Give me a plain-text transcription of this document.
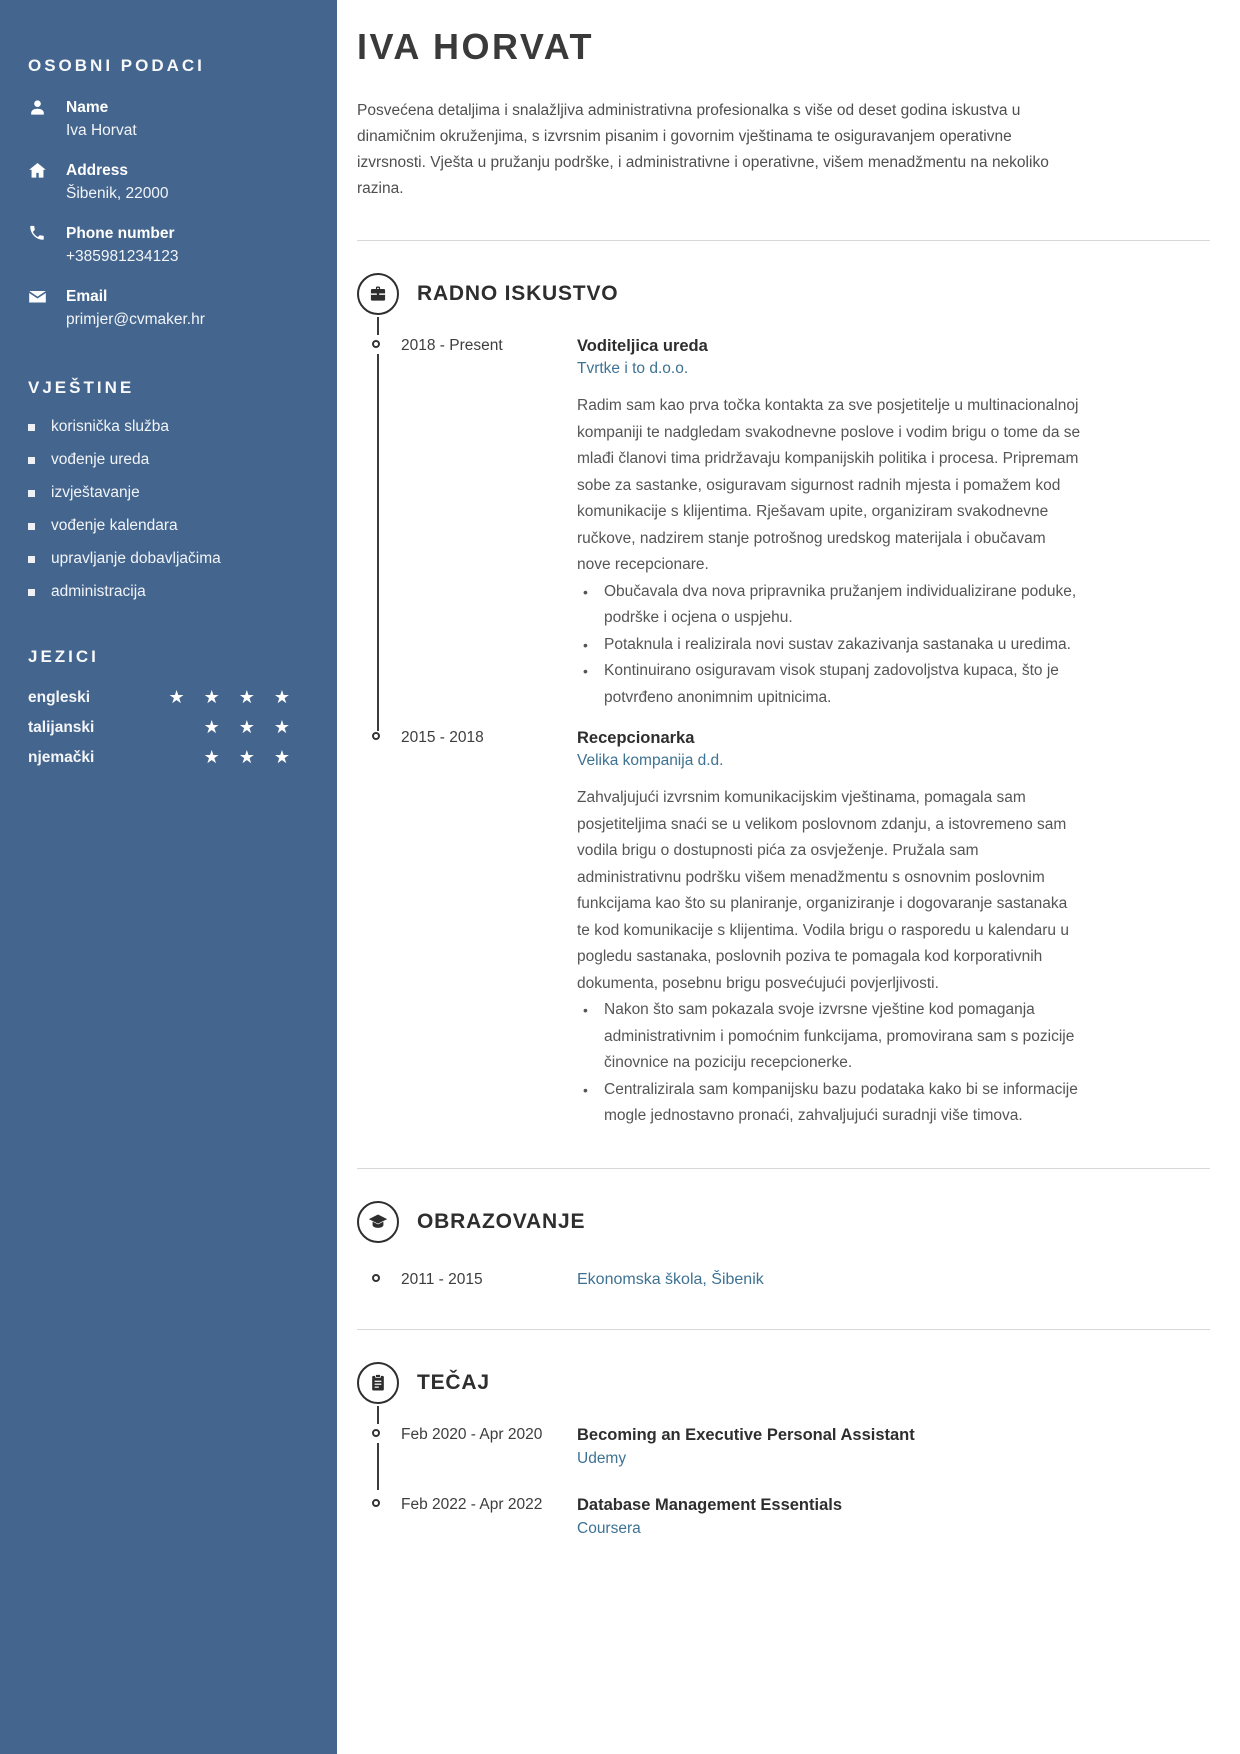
OSOBNI PODACI
Name
Iva Horvat
Address
Šibenik, 22000
Phone number
+385981234123
Email
primjer@cvmaker.hr
VJEŠTINE
korisnička služba
vođenje ureda
izvještavanje
vođenje kalendara
upravljanje dobavljačima
administracija
JEZICI
engleski	★ ★ ★ ★
talijanski	★ ★ ★
njemački	★ ★ ★
IVA HORVAT

Posvećena detaljima i snalažljiva administrativna profesionalka s više od deset godina iskustva u dinamičnim okruženjima, s izvrsnim pisanim i govornim vještinama te osiguravanjem operativne izvrsnosti. Vješta u pružanju podrške, i administrativne i operativne, višem menadžmentu na nekoliko razina.

RADNO ISKUSTVO
2018 - Present	Voditeljica ureda
Tvrtke i to d.o.o.

Radim sam kao prva točka kontakta za sve posjetitelje u multinacionalnoj kompaniji te nadgledam svakodnevne poslove i vodim brigu o tome da se mlađi članovi tima pridržavaju kompanijskih politika i procesa. Pripremam sobe za sastanke, osiguravam sigurnost radnih mjesta i pomažem kod komunikacije s klijentima. Rješavam upite, organiziram svakodnevne ručkove, nadzirem stanje potrošnog uredskog materijala i obučavam nove recepcionare.

• Obučavala dva nova pripravnika pružanjem individualizirane poduke, podrške i ocjena o uspjehu.
• Potaknula i realizirala novi sustav zakazivanja sastanaka u uredima.
• Kontinuirano osiguravam visok stupanj zadovoljstva kupaca, što je potvrđeno anonimnim upitnicima.
2015 - 2018	Recepcionarka
Velika kompanija d.d.

Zahvaljujući izvrsnim komunikacijskim vještinama, pomagala sam posjetiteljima snaći se u velikom poslovnom zdanju, a istovremeno sam vodila brigu o dostupnosti pića za osvježenje. Pružala sam administrativnu podršku višem menadžmentu s osnovnim poslovnim funkcijama kao što su planiranje, organiziranje i dogovaranje sastanaka te kod komunikacije s klijentima. Vodila brigu o rasporedu u kalendaru u pogledu sastanaka, poslovnih poziva te pomagala kod korporativnih dokumenta, posebnu brigu posvećujući povjerljivosti.

• Nakon što sam pokazala svoje izvrsne vještine kod pomaganja administrativnim i pomoćnim funkcijama, promovirana sam s pozicije činovnice na poziciju recepcionerke.
• Centralizirala sam kompanijsku bazu podataka kako bi se informacije mogle jednostavno pronaći, zahvaljujući suradnji više timova.
OBRAZOVANJE
2011 - 2015	Ekonomska škola, Šibenik
TEČAJ
Feb 2020 - Apr 2020	Becoming an Executive Personal Assistant
Udemy
Feb 2022 - Apr 2022	Database Management Essentials
Coursera
